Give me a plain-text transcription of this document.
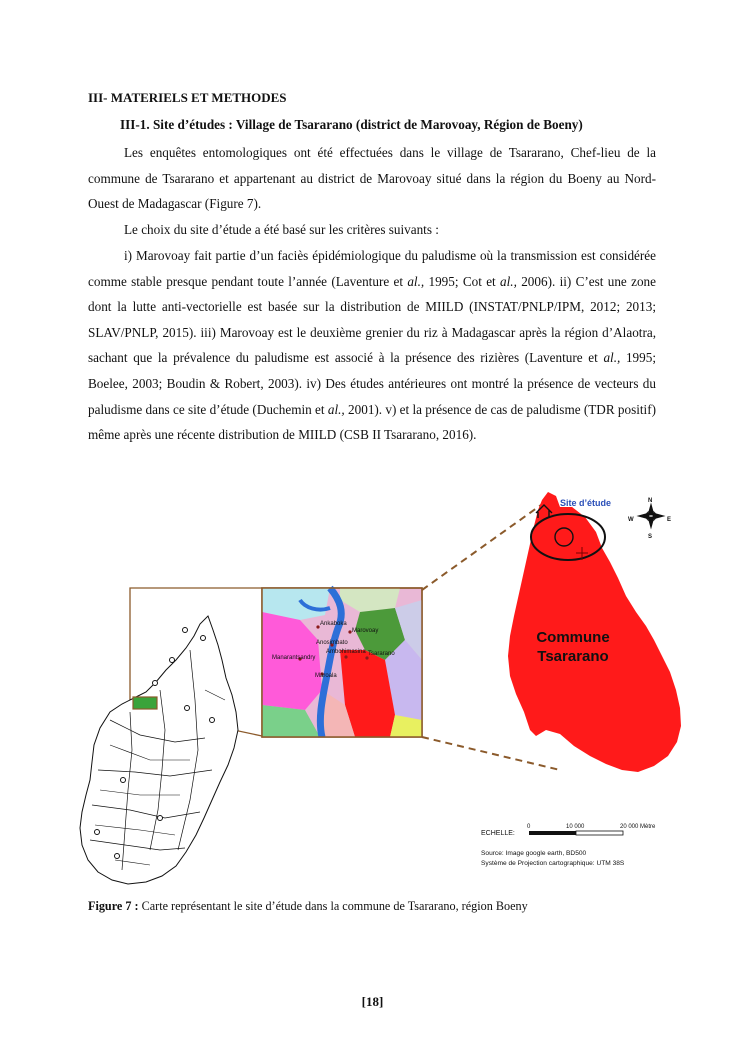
III- MATERIELS ET METHODES
III-1. Site d’études : Village de Tsararano (district de Marovoay, Région de Boeny)

Les enquêtes entomologiques ont été effectuées dans le village de Tsararano, Chef-lieu de la commune de Tsararano et appartenant au district de Marovoay situé dans la région du Boeny au Nord-Ouest de Madagascar (Figure 7).

Le choix du site d’étude a été basé sur les critères suivants :

i) Marovoay fait partie d’un faciès épidémiologique du paludisme où la transmission est considérée comme stable presque pendant toute l’année (Laventure et al., 1995; Cot et al., 2006). ii) C’est une zone dont la lutte anti-vectorielle est basée sur la distribution de MIILD (INSTAT/PNLP/IPM, 2012; 2013; SLAV/PNLP, 2015). iii) Marovoay est le deuxième grenier du riz à Madagascar après la région d’Alaotra, sachant que la prévalence du paludisme est associé à la présence des rizières (Laventure et al., 1995; Boelee, 2003; Boudin & Robert, 2003). iv) Des études antérieures ont montré la présence de vecteurs du paludisme dans ce site d’étude (Duchemin et al., 2001). v) et la présence de cas de paludisme (TDR positif) même après une récente distribution de MIILD (CSB II Tsararano, 2016).

Ankaboka
Marovoay
Anosimbato
Ambohimasina Tsararano
Manarantsandry
Maroala
Site d’étude
Commune
Tsararano
N
S
W	E
ECHELLE:
0	10 000	20 000 Mètre
Source: Image google earth, BD500
Système de Projection cartographique: UTM 38S
Figure 7 : Carte représentant le site d’étude dans la commune de Tsararano, région Boeny
[18]
